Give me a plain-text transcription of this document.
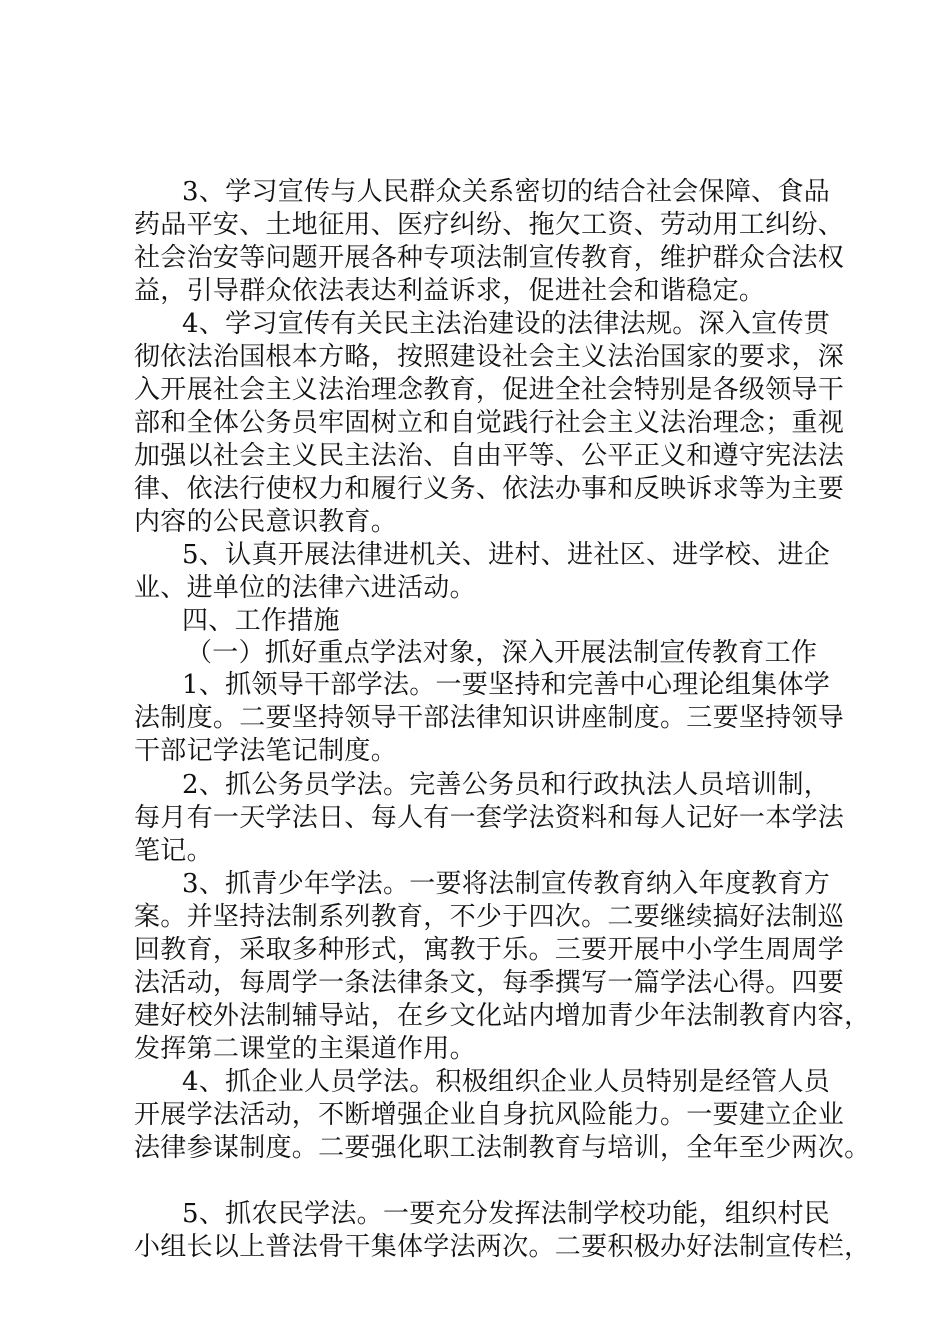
3、学习宣传与人民群众关系密切的结合社会保障、食品
药品平安、土地征用、医疗纠纷、拖欠工资、劳动用工纠纷、
社会治安等问题开展各种专项法制宣传教育，维护群众合法权
益，引导群众依法表达利益诉求，促进社会和谐稳定。
4、学习宣传有关民主法治建设的法律法规。深入宣传贯
彻依法治国根本方略，按照建设社会主义法治国家的要求，深
入开展社会主义法治理念教育，促进全社会特别是各级领导干
部和全体公务员牢固树立和自觉践行社会主义法治理念；重视
加强以社会主义民主法治、自由平等、公平正义和遵守宪法法
律、依法行使权力和履行义务、依法办事和反映诉求等为主要
内容的公民意识教育。
5、认真开展法律进机关、进村、进社区、进学校、进企
业、进单位的法律六进活动。
四、工作措施
（一）抓好重点学法对象，深入开展法制宣传教育工作
1、抓领导干部学法。一要坚持和完善中心理论组集体学
法制度。二要坚持领导干部法律知识讲座制度。三要坚持领导
干部记学法笔记制度。
2、抓公务员学法。完善公务员和行政执法人员培训制，
每月有一天学法日、每人有一套学法资料和每人记好一本学法
笔记。
3、抓青少年学法。一要将法制宣传教育纳入年度教育方
案。并坚持法制系列教育，不少于四次。二要继续搞好法制巡
回教育，采取多种形式，寓教于乐。三要开展中小学生周周学
法活动，每周学一条法律条文，每季撰写一篇学法心得。四要
建好校外法制辅导站，在乡文化站内增加青少年法制教育内容，
发挥第二课堂的主渠道作用。
4、抓企业人员学法。积极组织企业人员特别是经管人员
开展学法活动，不断增强企业自身抗风险能力。一要建立企业
法律参谋制度。二要强化职工法制教育与培训，全年至少两次。
5、抓农民学法。一要充分发挥法制学校功能，组织村民
小组长以上普法骨干集体学法两次。二要积极办好法制宣传栏，
